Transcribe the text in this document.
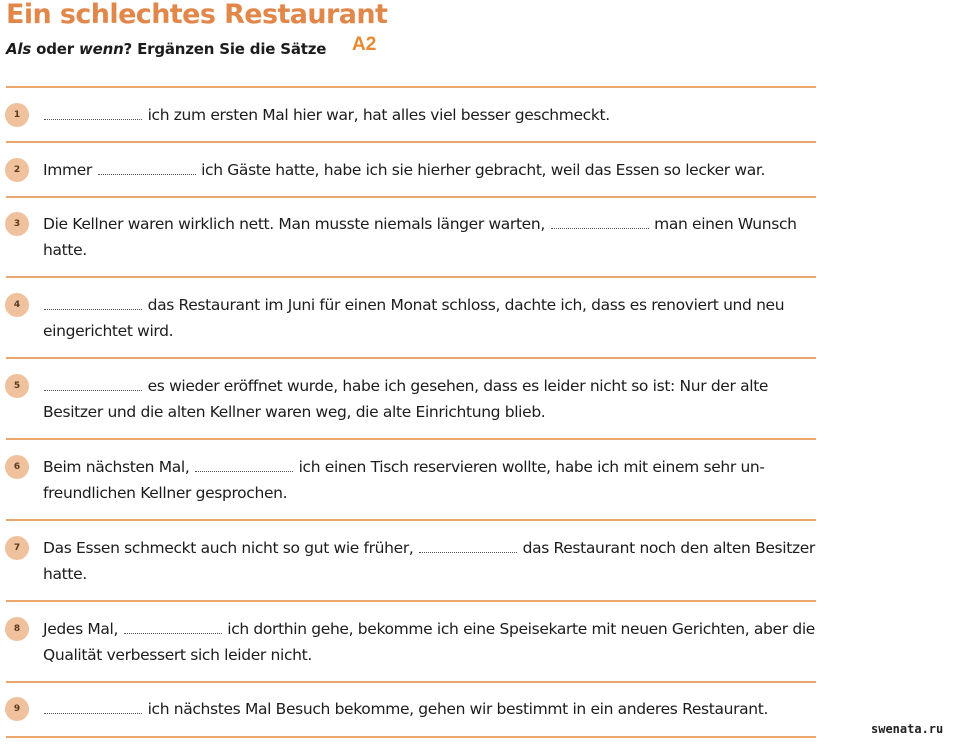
Ein schlechtes Restaurant

Als oder wenn? Ergänzen Sie die Sätze A2
1	ich zum ersten Mal hier war, hat alles viel besser geschmeckt.
2	Immer	ich Gäste hatte, habe ich sie hierher gebracht, weil das Essen so lecker war.
3	Die Kellner waren wirklich nett. Man musste niemals länger warten,	man einen Wunsch hatte.
4	das Restaurant im Juni für einen Monat schloss, dachte ich, dass es renoviert und neu eingerichtet wird.
5	es wieder eröffnet wurde, habe ich gesehen, dass es leider nicht so ist: Nur der alte Besitzer und die alten Kellner waren weg, die alte Einrichtung blieb.
6	Beim nächsten Mal,	ich einen Tisch reservieren wollte, habe ich mit einem sehr un-freundlichen Kellner gesprochen.
7	Das Essen schmeckt auch nicht so gut wie früher,	das Restaurant noch den alten Besitzer hatte.
8	Jedes Mal,	ich dorthin gehe, bekomme ich eine Speisekarte mit neuen Gerichten, aber die Qualität verbessert sich leider nicht.
9	ich nächstes Mal Besuch bekomme, gehen wir bestimmt in ein anderes Restaurant.
swenata.ru
